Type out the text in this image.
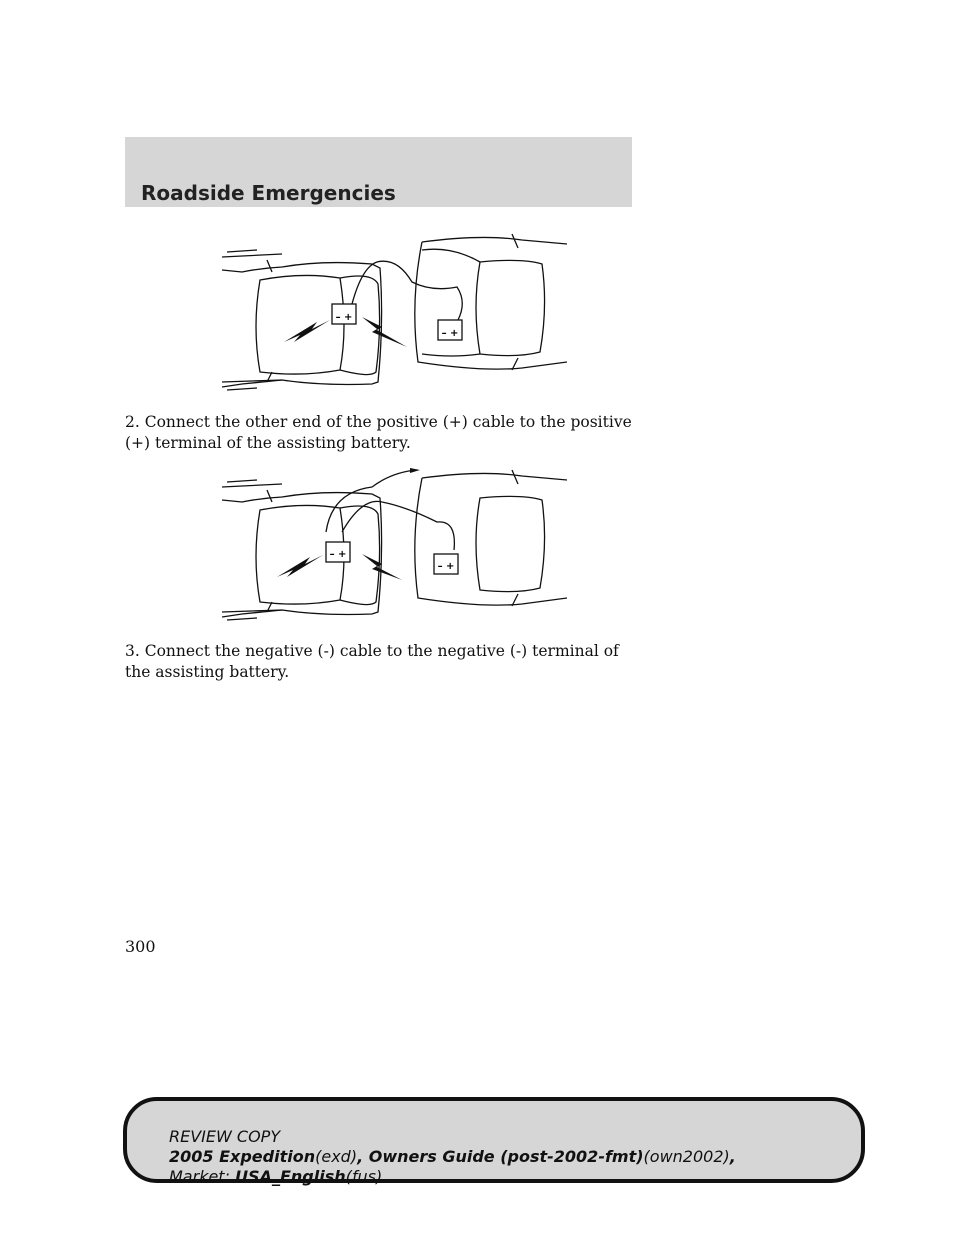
Roadside Emergencies
– +
– +

2. Connect the other end of the positive (+) cable to the positive (+) terminal of the assisting battery.

– +
– +

3. Connect the negative (-) cable to the negative (-) terminal of the assisting battery.

300
REVIEW COPY
2005 Expedition(exd), Owners Guide (post-2002-fmt)(own2002),
Market: USA_English(fus)
